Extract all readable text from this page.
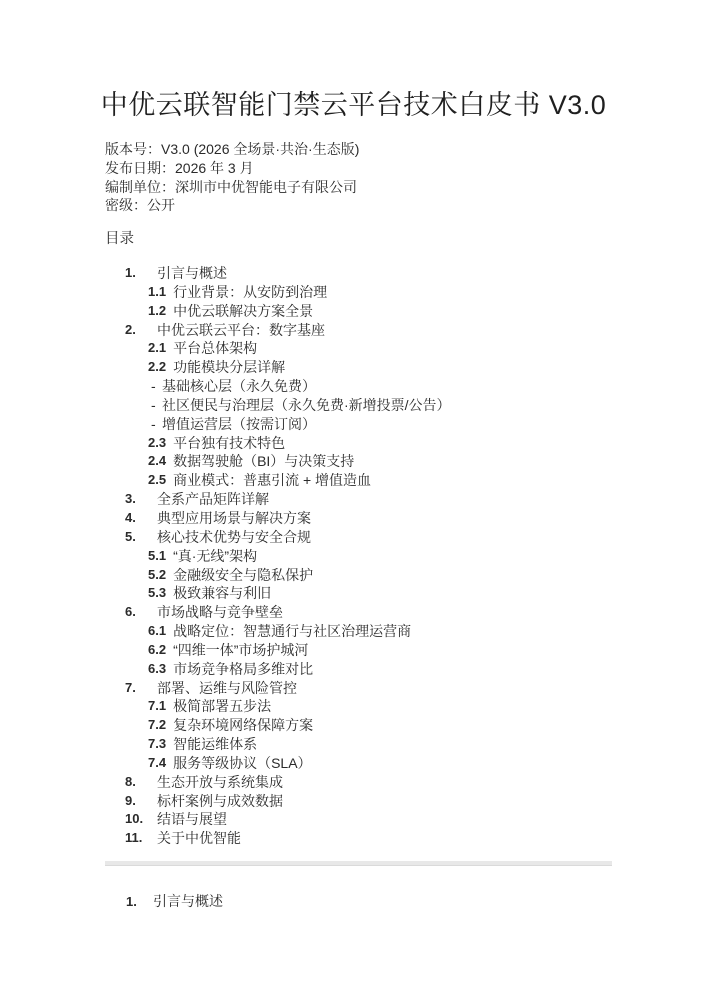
中优云联智能门禁云平台技术白皮书 V3.0
版本号：V3.0 (2026 全场景·共治·生态版)
发布日期：2026 年 3 月
编制单位：深圳市中优智能电子有限公司
密级：公开
目录
1.	引言与概述
1.1 行业背景：从安防到治理
1.2 中优云联解决方案全景
2.	中优云联云平台：数字基座
2.1 平台总体架构
2.2 功能模块分层详解
- 基础核心层（永久免费）
- 社区便民与治理层（永久免费·新增投票/公告）
- 增值运营层（按需订阅）
2.3 平台独有技术特色
2.4 数据驾驶舱（BI）与决策支持
2.5 商业模式：普惠引流 + 增值造血
3.	全系产品矩阵详解
4.	典型应用场景与解决方案
5.	核心技术优势与安全合规
5.1 “真·无线”架构
5.2 金融级安全与隐私保护
5.3 极致兼容与利旧
6.	市场战略与竞争壁垒
6.1 战略定位：智慧通行与社区治理运营商
6.2 “四维一体”市场护城河
6.3 市场竞争格局多维对比
7.	部署、运维与风险管控
7.1 极简部署五步法
7.2 复杂环境网络保障方案
7.3 智能运维体系
7.4 服务等级协议（SLA）
8.	生态开放与系统集成
9.	标杆案例与成效数据
10. 结语与展望
11.	关于中优智能
1.	引言与概述
